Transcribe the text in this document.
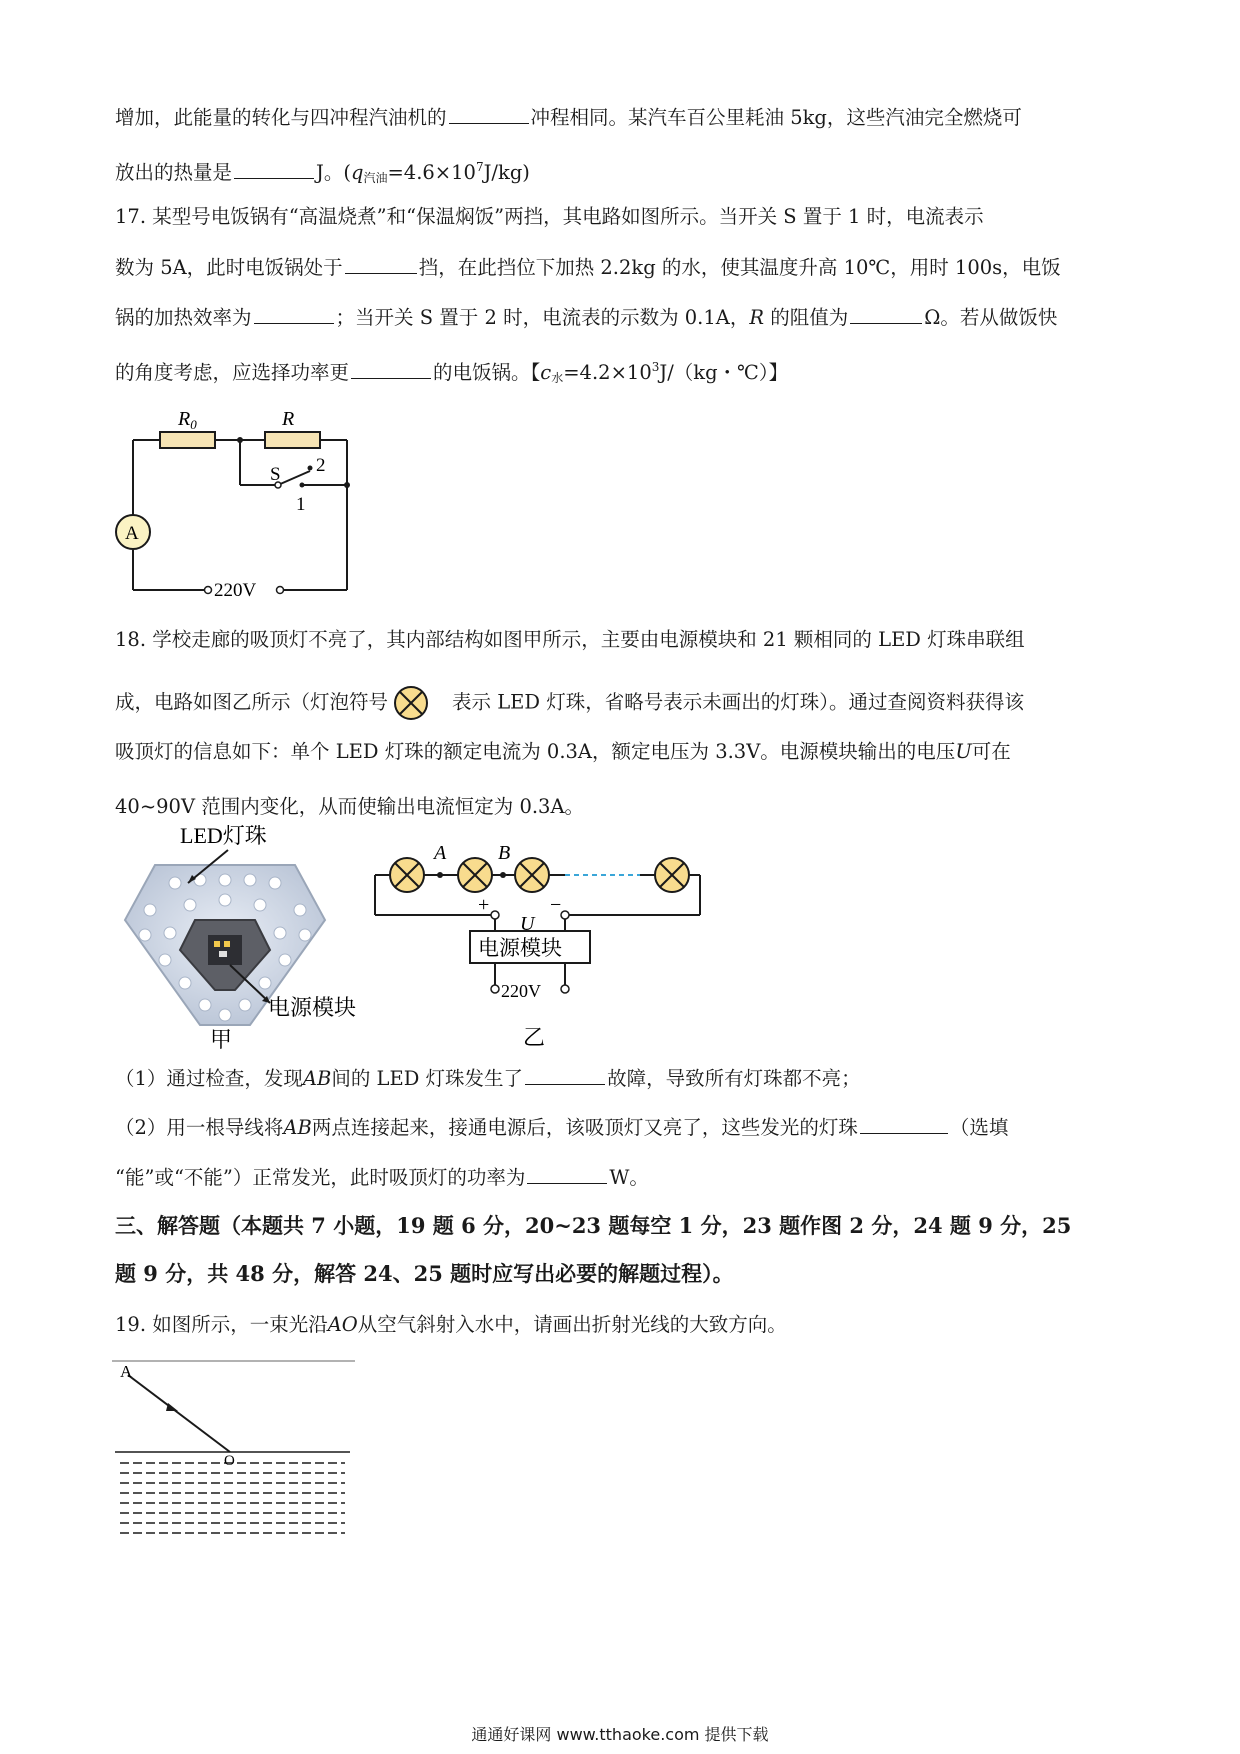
增加，此能量的转化与四冲程汽油机的	冲程相同。某汽车百公里耗油 5kg，这些汽油完全燃烧可
放出的热量是	J。$(q_{汽油}=4.6\times 10^7J/kg)$
17. 某型号电饭锅有“高温烧煮”和“保温焖饭”两挡，其电路如图所示。当开关 S 置于 1 时，电流表示
数为 5A，此时电饭锅处于	挡，在此挡位下加热 2.2kg 的水，使其温度升高 10℃，用时 100s，电饭
锅的加热效率为	；当开关 S 置于 2 时，电流表的示数为 0.1A，R 的阻值为	Ω。若从做饭快
的角度考虑，应选择功率更	的电饭锅。【$c_水=4.2\times 10^3J/(kg$・℃）】
$R_0$	R
S 2
1
A
220V
18. 学校走廊的吸顶灯不亮了，其内部结构如图甲所示，主要由电源模块和 21 颗相同的 LED 灯珠串联组
成，电路如图乙所示（灯泡符号	表示 LED 灯珠，省略号表示未画出的灯珠）。通过查阅资料获得该
吸顶灯的信息如下：单个 LED 灯珠的额定电流为 0.3A，额定电压为 3.3V。电源模块输出的电压U可在
40~90V 范围内变化，从而使输出电流恒定为 0.3A。
LED灯珠
电源模块
甲
A	B
+	−
U
电源模块
220V
乙
（1）通过检查，发现AB间的 LED 灯珠发生了	故障，导致所有灯珠都不亮；
（2）用一根导线将AB两点连接起来，接通电源后，该吸顶灯又亮了，这些发光的灯珠	（选填
“能”或“不能”）正常发光，此时吸顶灯的功率为	W。
三、解答题（本题共 7 小题，19 题 6 分，20~23 题每空 1 分，23 题作图 2 分，24 题 9 分，25
题 9 分，共 48 分，解答 24、25 题时应写出必要的解题过程）。
19. 如图所示，一束光沿AO从空气斜射入水中，请画出折射光线的大致方向。
A
O
通通好课网 www.tthaoke.com 提供下载
